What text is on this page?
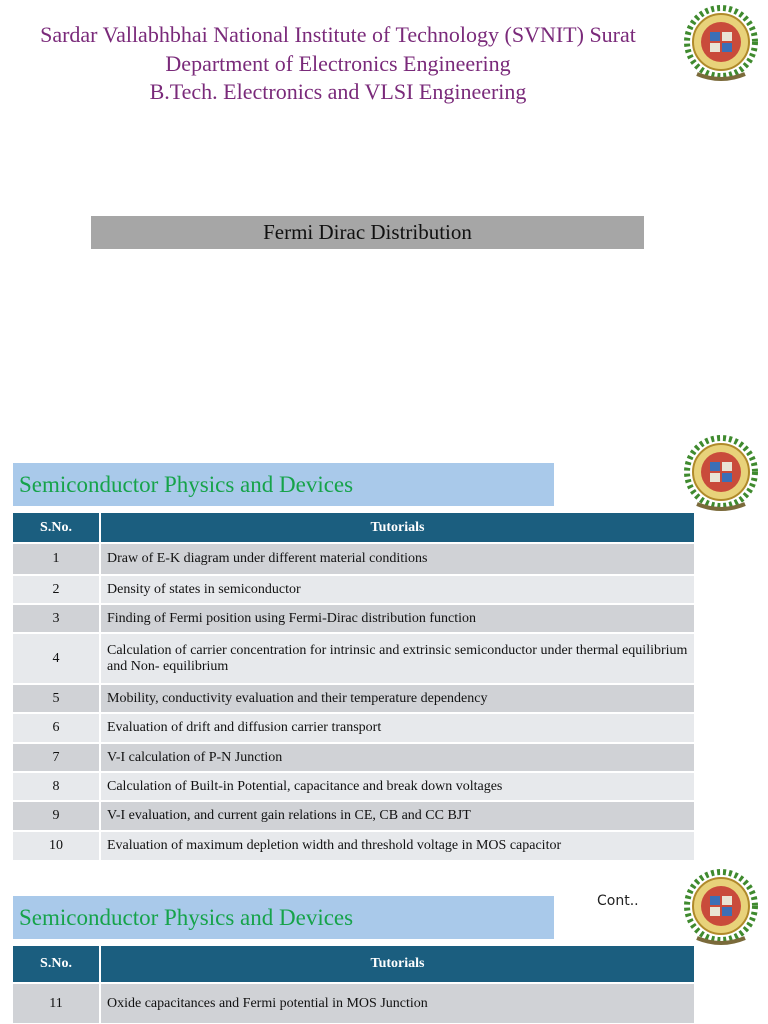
Sardar Vallabhbhai National Institute of Technology (SVNIT) Surat
Department of Electronics Engineering
B.Tech. Electronics and VLSI Engineering
Fermi Dirac Distribution
Semiconductor Physics and Devices
S.No.	Tutorials
1	Draw of E-K diagram under different material conditions
2	Density of states in semiconductor
3	Finding of Fermi position using Fermi-Dirac distribution function
4	Calculation of carrier concentration for intrinsic and extrinsic semiconductor under thermal equilibrium and Non- equilibrium
5	Mobility, conductivity evaluation and their temperature dependency
6	Evaluation of drift and diffusion carrier transport
7	V-I calculation of P-N Junction
8	Calculation of Built-in Potential, capacitance and break down voltages
9	V-I evaluation, and current gain relations in CE, CB and CC BJT
10	Evaluation of maximum depletion width and threshold voltage in MOS capacitor
Semiconductor Physics and Devices
Cont..
S.No.	Tutorials
11	Oxide capacitances and Fermi potential in MOS Junction
